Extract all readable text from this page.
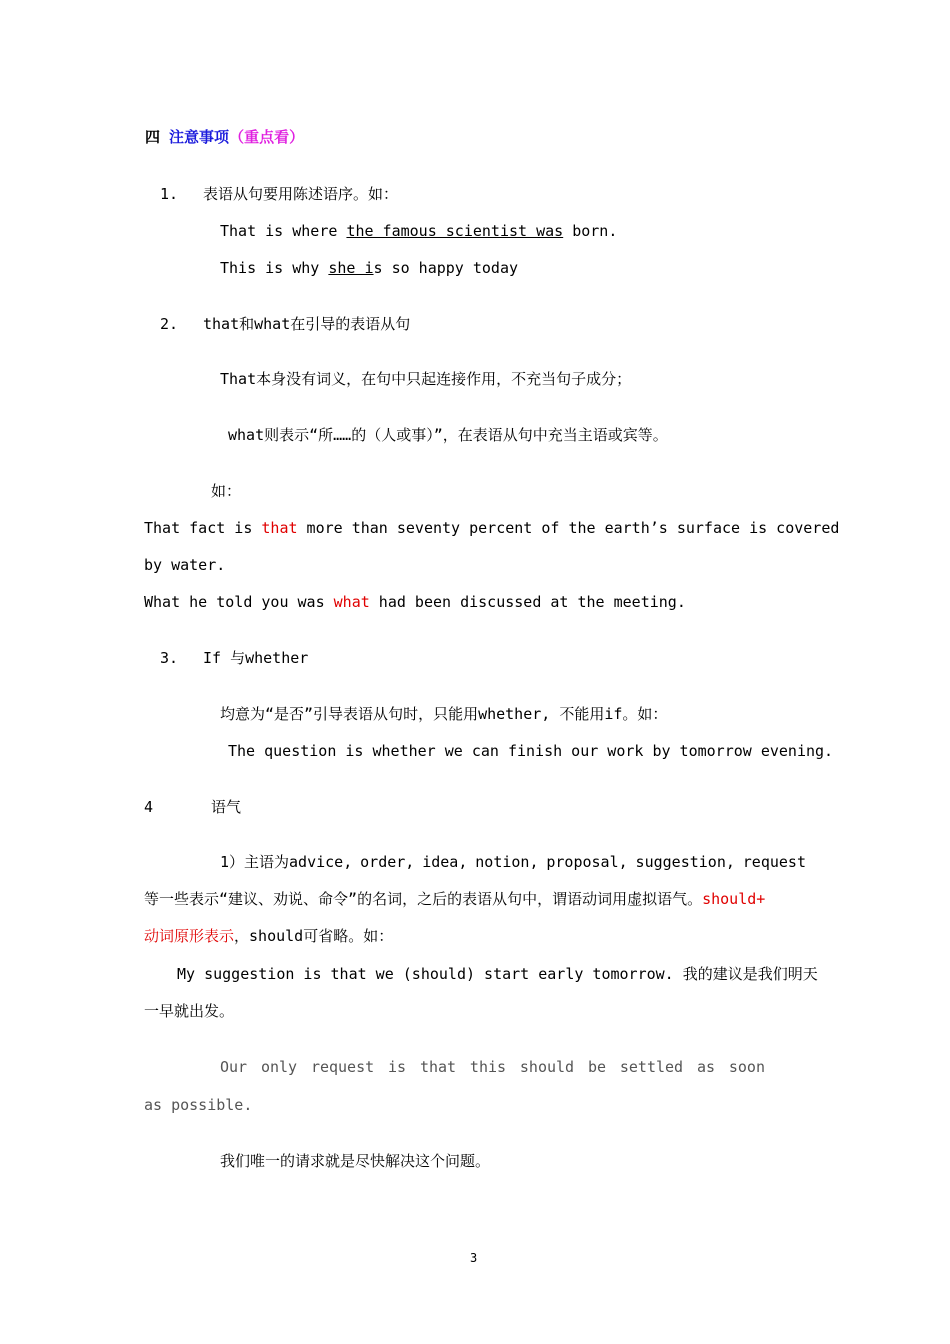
四 注意事项（重点看）
1. 表语从句要用陈述语序。如：
That is where the famous scientist was born.
This is why she is so happy today
2. that和what在引导的表语从句
That本身没有词义，在句中只起连接作用，不充当句子成分；
what则表示“所……的（人或事）”，在表语从句中充当主语或宾等。
如：
That fact is that more than seventy percent of the earth’s surface is covered
by water.
What he told you was what had been discussed at the meeting.
3. If 与whether
均意为“是否”引导表语从句时，只能用whether, 不能用if。如：
The question is whether we can finish our work by tomorrow evening.
4	语气
1）主语为advice, order, idea, notion, proposal, suggestion, request
等一些表示“建议、劝说、命令”的名词，之后的表语从句中，谓语动词用虚拟语气。should+
动词原形表示，should可省略。如：
My suggestion is that we (should) start early tomorrow. 我的建议是我们明天
一早就出发。
Our only request is that this should be settled as soon
as possible.
我们唯一的请求就是尽快解决这个问题。
3
